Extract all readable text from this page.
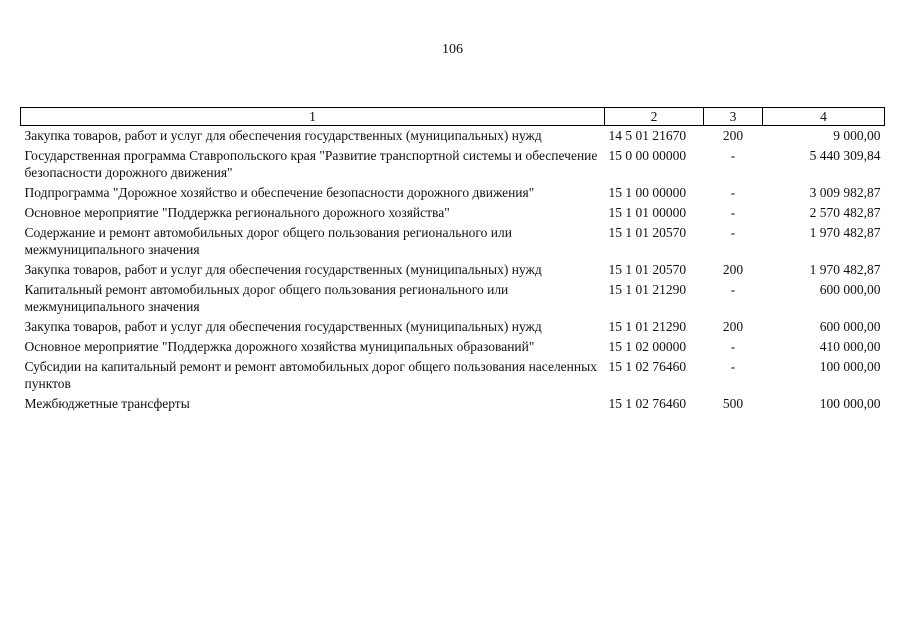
106
1	2	3	4
Закупка товаров, работ и услуг для обеспечения государственных (муниципальных) нужд	14 5 01 21670	200	9 000,00
Государственная программа Ставропольского края "Развитие транспортной системы и обеспечение безопасности дорожного движения"	15 0 00 00000	-	5 440 309,84
Подпрограмма "Дорожное хозяйство и обеспечение безопасности дорожного движения"	15 1 00 00000	-	3 009 982,87
Основное мероприятие "Поддержка регионального дорожного хозяйства"	15 1 01 00000	-	2 570 482,87
Содержание и ремонт автомобильных дорог общего пользования регионального или межмуниципального значения	15 1 01 20570	-	1 970 482,87
Закупка товаров, работ и услуг для обеспечения государственных (муниципальных) нужд	15 1 01 20570	200	1 970 482,87
Капитальный ремонт автомобильных дорог общего пользования регионального или межмуниципального значения	15 1 01 21290	-	600 000,00
Закупка товаров, работ и услуг для обеспечения государственных (муниципальных) нужд	15 1 01 21290	200	600 000,00
Основное мероприятие "Поддержка дорожного хозяйства муниципальных образований"	15 1 02 00000	-	410 000,00
Субсидии на капитальный ремонт и ремонт автомобильных дорог общего пользования населенных пунктов	15 1 02 76460	-	100 000,00
Межбюджетные трансферты	15 1 02 76460	500	100 000,00
